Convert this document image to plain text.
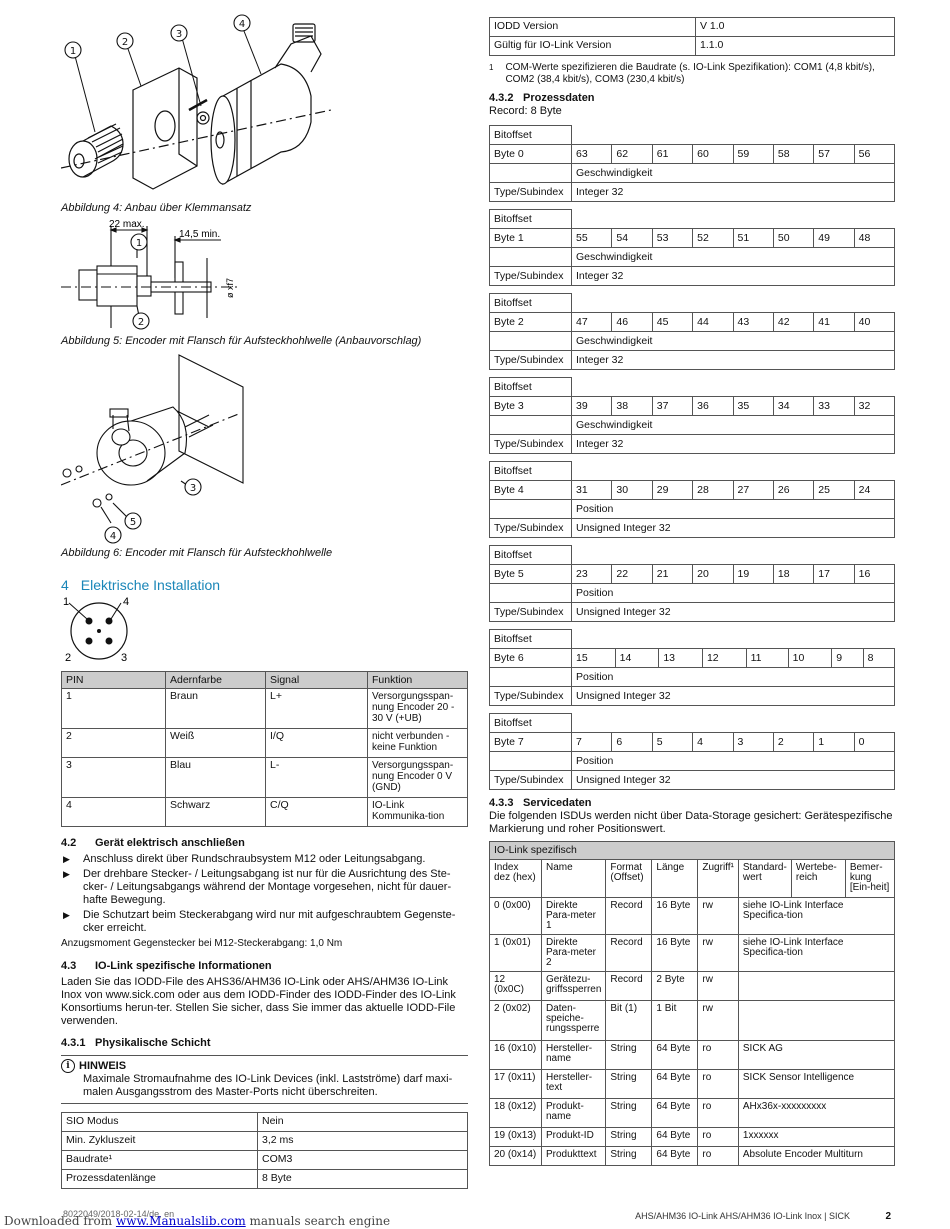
1
2
3
4

Abbildung 4: Anbau über Klemmansatz

1
2
22 max.
14,5 min.
ø xf7

Abbildung 5: Encoder mit Flansch für Aufsteckhohlwelle (Anbauvorschlag)

3
5
4

Abbildung 6: Encoder mit Flansch für Aufsteckhohlwelle

4 Elektrische Installation
1	4
2	3
PIN	Adernfarbe	Signal	Funktion
1	Braun	L+	Versorgungsspan-nung Encoder 20 - 30 V (+UB)
2	Weiß	I/Q	nicht verbunden - keine Funktion
3	Blau	L-	Versorgungsspan-nung Encoder 0 V (GND)
4	Schwarz	C/Q	IO-Link Kommunika-tion
4.2 Gerät elektrisch anschließen
▶ Anschluss direkt über Rundschraubsystem M12 oder Leitungsabgang.
▶ Der drehbare Stecker- / Leitungsabgang ist nur für die Ausrichtung des Ste-cker- / Leitungsabgangs während der Montage vorgesehen, nicht für dauer-hafte Bewegung.
▶ Die Schutzart beim Steckerabgang wird nur mit aufgeschraubtem Gegenste-cker erreicht.

Anzugsmoment Gegenstecker bei M12-Steckerabgang: 1,0 Nm

4.3 IO-Link spezifische Informationen

Laden Sie das IODD-File des AHS36/AHM36 IO-Link oder AHS/AHM36 IO-Link Inox von www.sick.com oder aus dem IODD-Finder des IODD-Finder des IO-Link Konsortiums herun-ter. Stellen Sie sicher, dass Sie immer das aktuelle IODD-File verwenden.

4.3.1 Physikalische Schicht
i HINWEIS
Maximale Stromaufnahme des IO-Link Devices (inkl. Lastströme) darf maxi-malen Ausgangsstrom des Master-Ports nicht überschreiten.
SIO Modus	Nein
Min. Zykluszeit	3,2 ms
Baudrate¹	COM3
Prozessdatenlänge	8 Byte
IODD Version	V 1.0
Gültig für IO-Link Version	1.1.0
1 COM-Werte spezifizieren die Baudrate (s. IO-Link Spezifikation): COM1 (4,8 kbit/s), COM2 (38,4 kbit/s), COM3 (230,4 kbit/s)
4.3.2 Prozessdaten

Record: 8 Byte

Bitoffset								
Byte 0	63	62	61	60	59	58	57	56
	Geschwindigkeit							
Type/Subindex	Integer 32							
Bitoffset								
Byte 1	55	54	53	52	51	50	49	48
	Geschwindigkeit							
Type/Subindex	Integer 32							
Bitoffset								
Byte 2	47	46	45	44	43	42	41	40
	Geschwindigkeit							
Type/Subindex	Integer 32							
Bitoffset								
Byte 3	39	38	37	36	35	34	33	32
	Geschwindigkeit							
Type/Subindex	Integer 32							
Bitoffset								
Byte 4	31	30	29	28	27	26	25	24
	Position							
Type/Subindex	Unsigned Integer 32							
Bitoffset								
Byte 5	23	22	21	20	19	18	17	16
	Position							
Type/Subindex	Unsigned Integer 32							
Bitoffset								
Byte 6	15	14	13	12	11	10	9	8
	Position							
Type/Subindex	Unsigned Integer 32							
Bitoffset								
Byte 7	7	6	5	4	3	2	1	0
	Position							
Type/Subindex	Unsigned Integer 32							
4.3.3 Servicedaten

Die folgenden ISDUs werden nicht über Data-Storage gesichert: Gerätespezifische Markierung und roher Positionswert.

IO-Link spezifisch							
Index dez (hex)	Name	Format (Offset)	Länge	Zugriff¹	Standard-wert	Wertebe-reich	Bemer-kung [Ein-heit]
0 (0x00)	Direkte Para-meter 1	Record	16 Byte	rw	siehe IO-Link Interface Specifica-tion		
1 (0x01)	Direkte Para-meter 2	Record	16 Byte	rw	siehe IO-Link Interface Specifica-tion		
12 (0x0C)	Gerätezu-griffssperren	Record	2 Byte	rw			
2 (0x02)	Daten-speiche-rungssperre	Bit (1)	1 Bit	rw			
16 (0x10)	Hersteller-name	String	64 Byte	ro	SICK AG		
17 (0x11)	Hersteller-text	String	64 Byte	ro	SICK Sensor Intelligence		
18 (0x12)	Produkt-name	String	64 Byte	ro	AHx36x-xxxxxxxxx		
19 (0x13)	Produkt-ID	String	64 Byte	ro	1xxxxxx		
20 (0x14)	Produkttext	String	64 Byte	ro	Absolute Encoder Multiturn		
8022049/2018-02-14/de, en
Downloaded from www.Manualslib.com manuals search engine	AHS/AHM36 IO-Link AHS/AHM36 IO-Link Inox | SICK	2
